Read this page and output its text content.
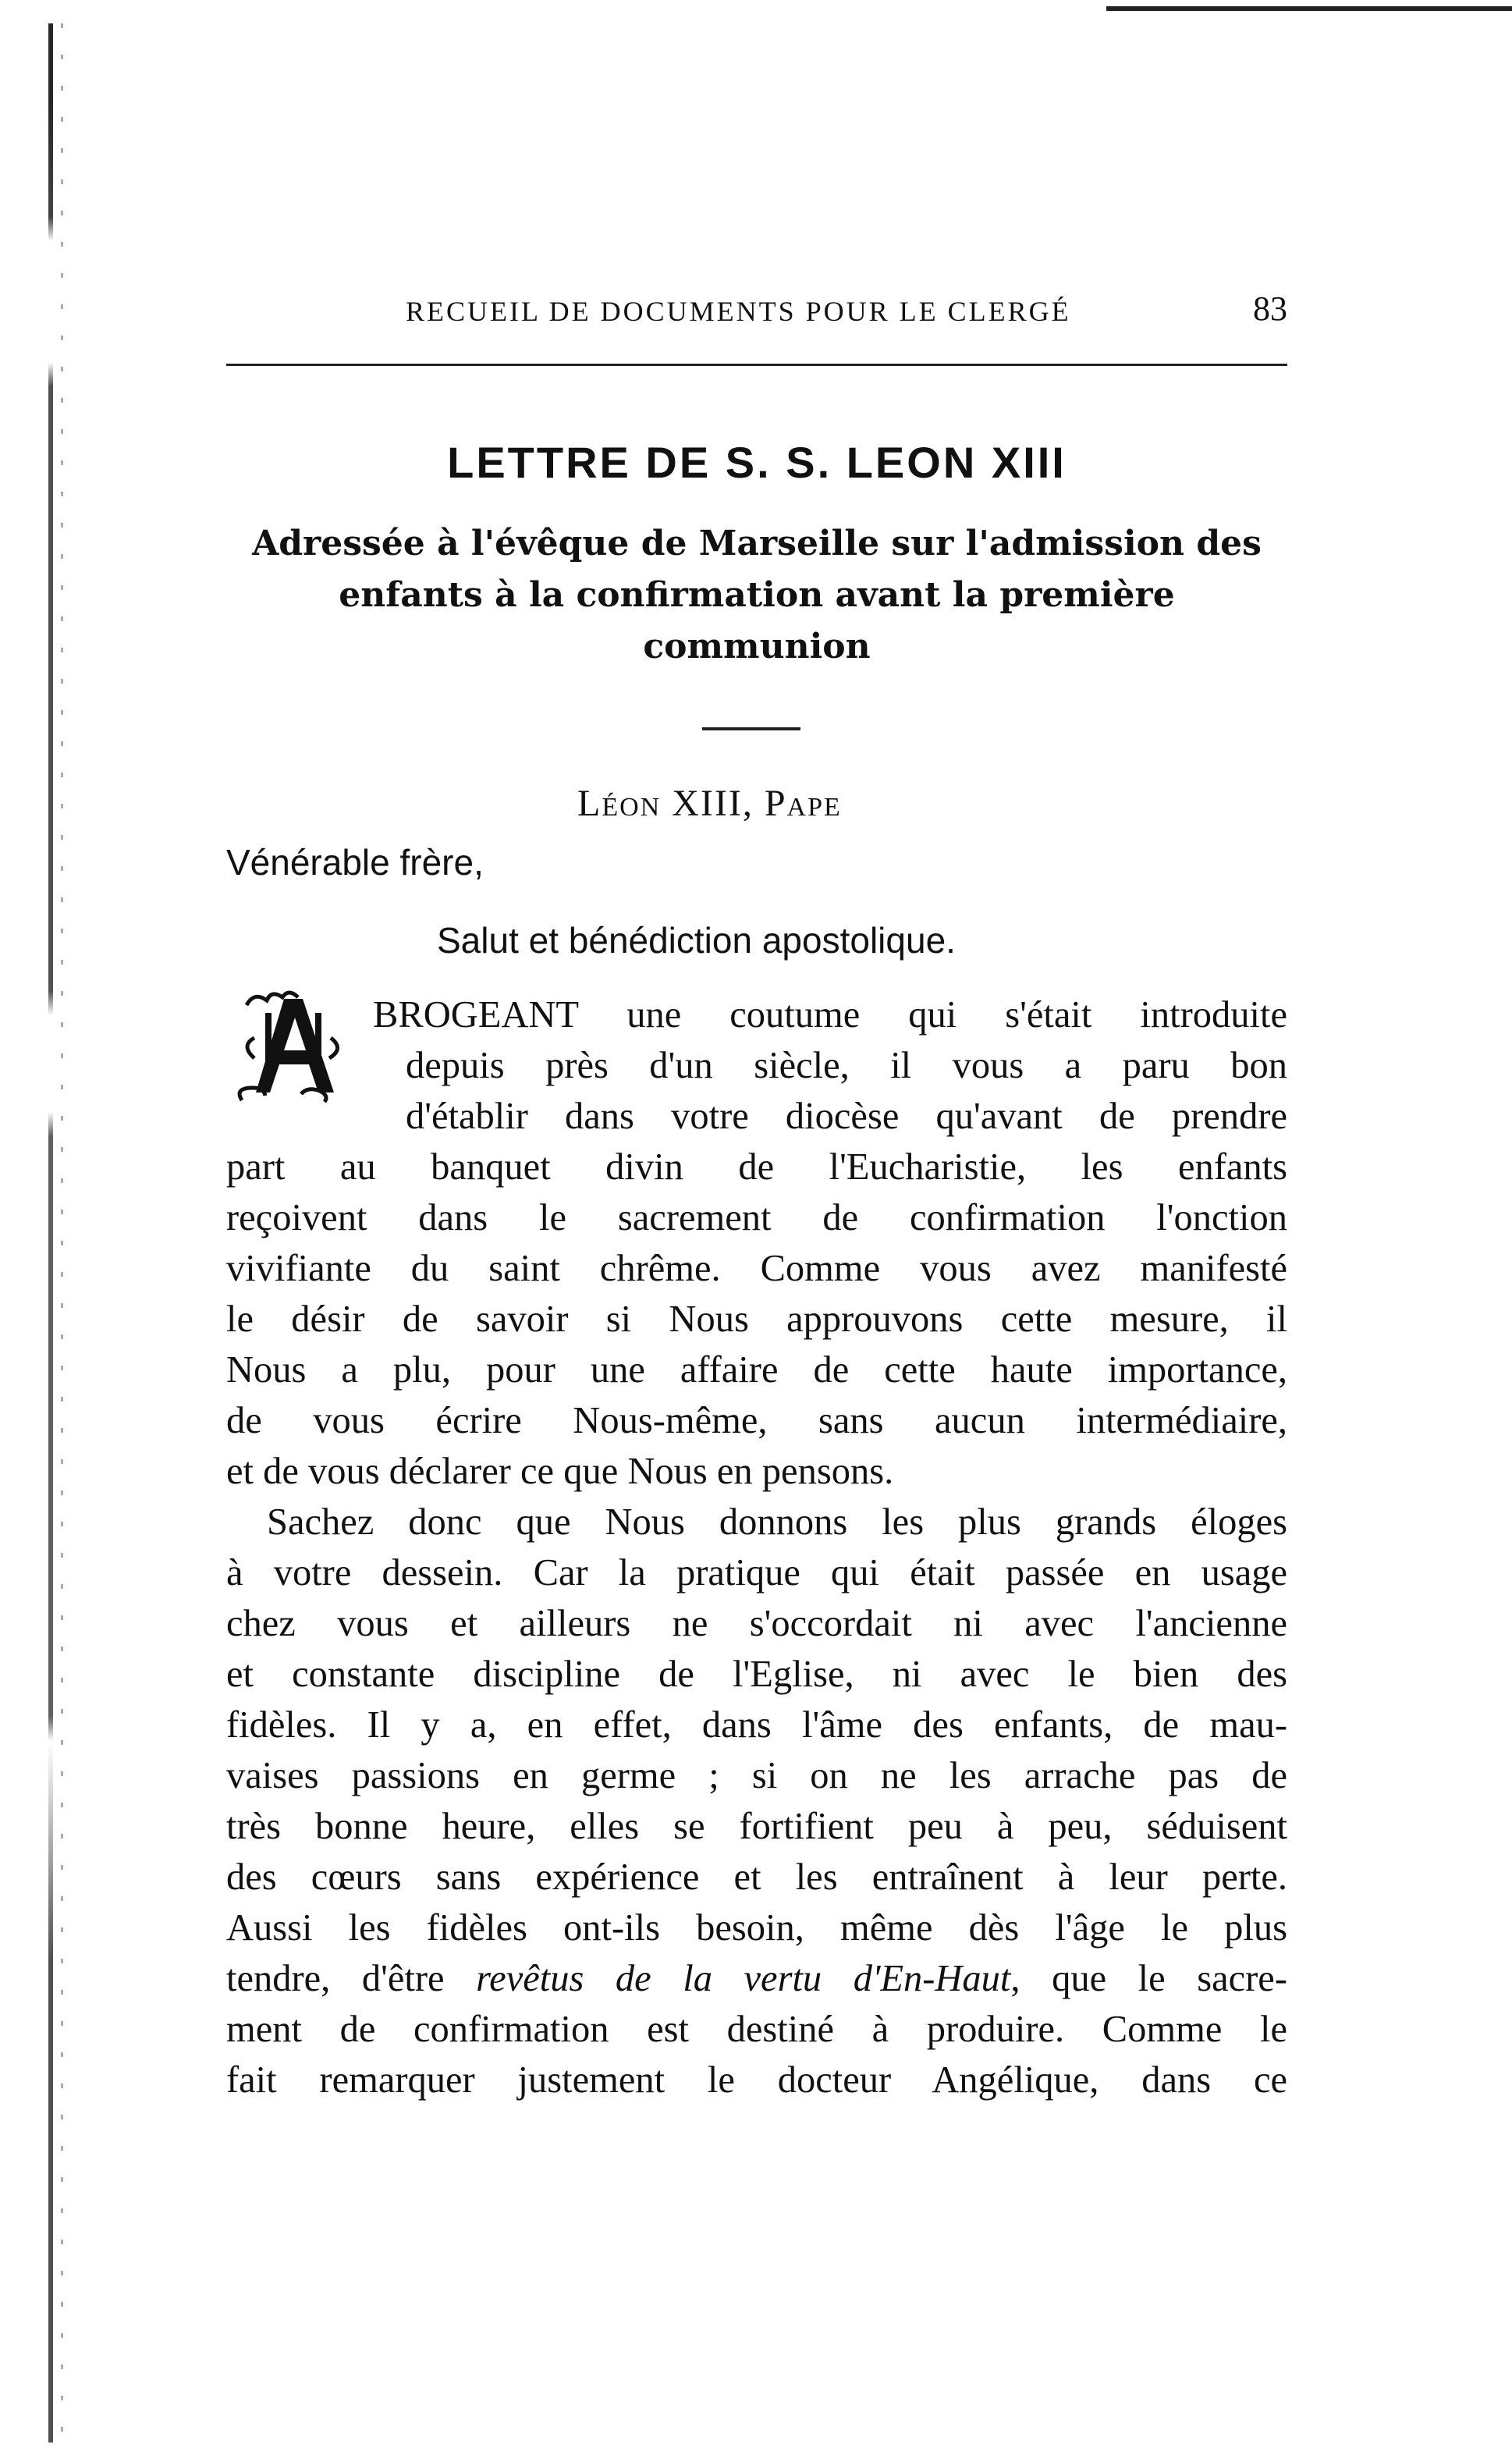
RECUEIL DE DOCUMENTS POUR LE CLERGÉ	83
LETTRE DE S. S. LEON XIII
Adressée à l'évêque de Marseille sur l'admission des
enfants à la confirmation avant la première
communion
Léon XIII, Pape
Vénérable frère,
Salut et bénédiction apostolique.
BROGEANT une coutume qui s'était introduite
depuis près d'un siècle, il vous a paru bon
d'établir dans votre diocèse qu'avant de prendre
part au banquet divin de l'Eucharistie, les enfants
reçoivent dans le sacrement de confirmation l'onction
vivifiante du saint chrême. Comme vous avez manifesté
le désir de savoir si Nous approuvons cette mesure, il
Nous a plu, pour une affaire de cette haute importance,
de vous écrire Nous-même, sans aucun intermédiaire,
et de vous déclarer ce que Nous en pensons.
Sachez donc que Nous donnons les plus grands éloges
à votre dessein. Car la pratique qui était passée en usage
chez vous et ailleurs ne s'occordait ni avec l'ancienne
et constante discipline de l'Eglise, ni avec le bien des
fidèles. Il y a, en effet, dans l'âme des enfants, de mau-
vaises passions en germe ; si on ne les arrache pas de
très bonne heure, elles se fortifient peu à peu, séduisent
des cœurs sans expérience et les entraînent à leur perte.
Aussi les fidèles ont-ils besoin, même dès l'âge le plus
tendre, d'être revêtus de la vertu d'En-Haut, que le sacre-
ment de confirmation est destiné à produire. Comme le
fait remarquer justement le docteur Angélique, dans ce
